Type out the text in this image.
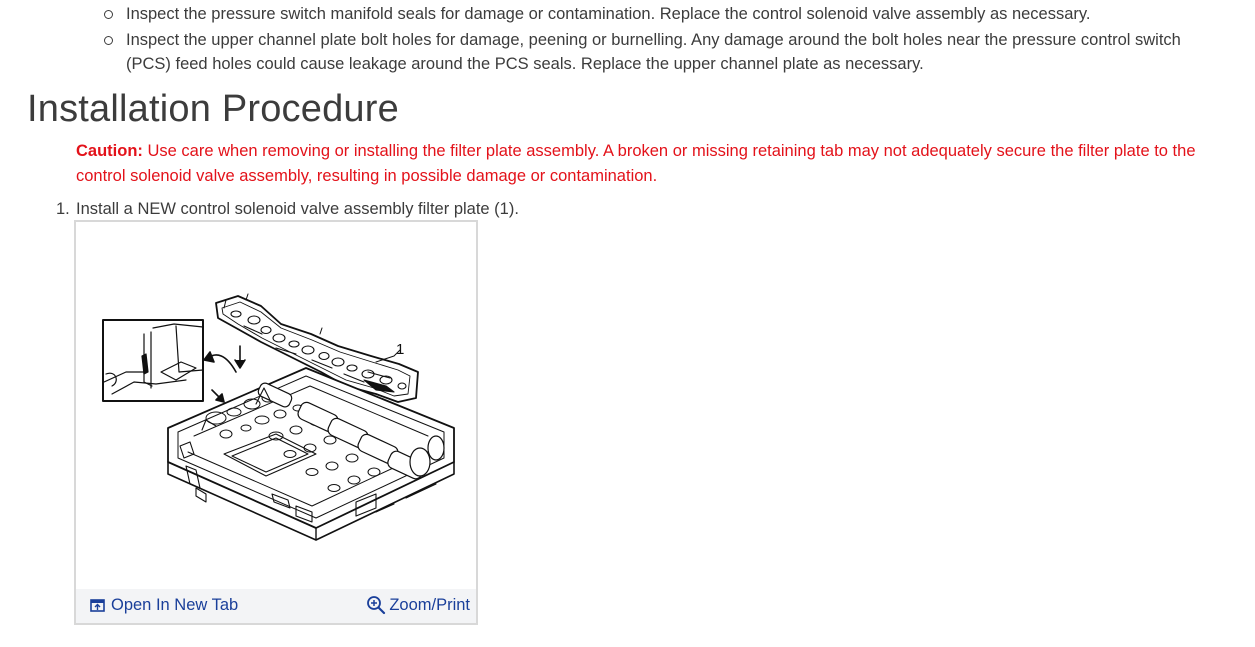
Inspect the pressure switch manifold seals for damage or contamination. Replace the control solenoid valve assembly as necessary.
Inspect the upper channel plate bolt holes for damage, peening or burnelling. Any damage around the bolt holes near the pressure control switch (PCS) feed holes could cause leakage around the PCS seals. Replace the upper channel plate as necessary.
Installation Procedure

Caution: Use care when removing or installing the filter plate assembly. A broken or missing retaining tab may not adequately secure the filter plate to the control solenoid valve assembly, resulting in possible damage or contamination.

1. Install a NEW control solenoid valve assembly filter plate (1).
1
Open In New Tab	Zoom/Print
